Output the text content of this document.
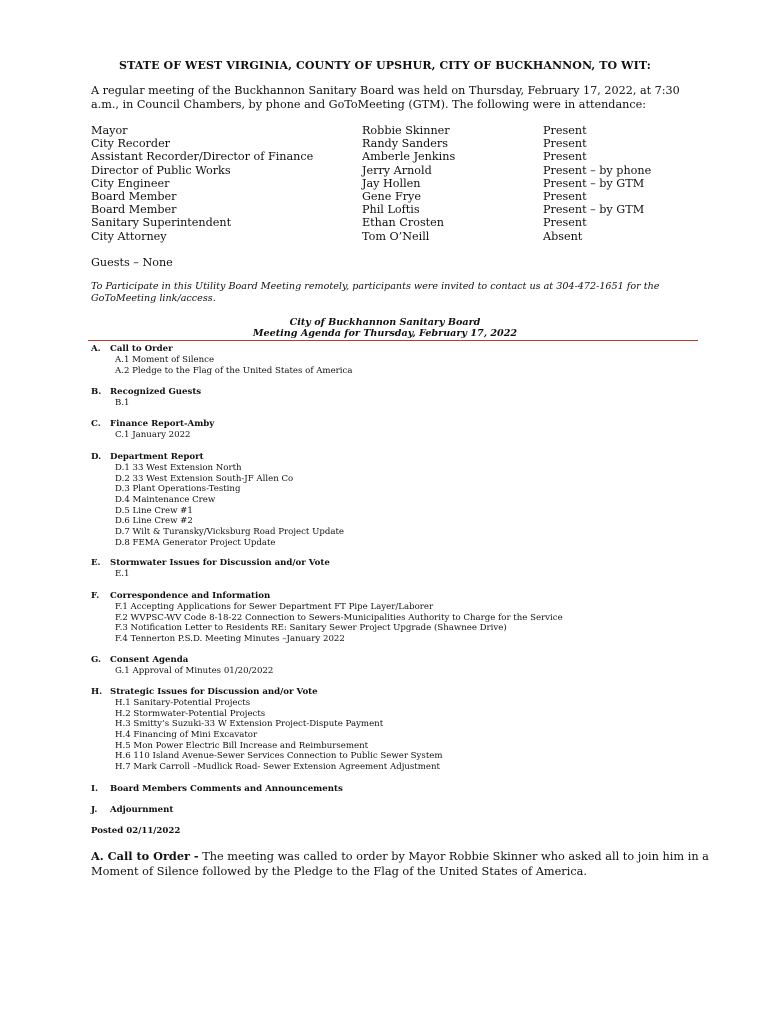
STATE OF WEST VIRGINIA, COUNTY OF UPSHUR, CITY OF BUCKHANNON, TO WIT:
A regular meeting of the Buckhannon Sanitary Board was held on Thursday, February 17, 2022, at 7:30 a.m., in Council Chambers, by phone and GoToMeeting (GTM). The following were in attendance:
Mayor	Robbie Skinner	Present
City Recorder	Randy Sanders	Present
Assistant Recorder/Director of Finance	Amberle Jenkins	Present
Director of Public Works	Jerry Arnold	Present – by phone
City Engineer	Jay Hollen	Present – by GTM
Board Member	Gene Frye	Present
Board Member	Phil Loftis	Present – by GTM
Sanitary Superintendent	Ethan Crosten	Present
City Attorney	Tom O’Neill	Absent
Guests – None
To Participate in this Utility Board Meeting remotely, participants were invited to contact us at 304-472-1651 for the GoToMeeting link/access.
City of Buckhannon Sanitary Board
Meeting Agenda for Thursday, February 17, 2022
A. Call to Order
A.1 Moment of Silence
A.2 Pledge to the Flag of the United States of America
B. Recognized Guests
B.1
C. Finance Report-Amby
C.1 January 2022
D. Department Report
D.1 33 West Extension North
D.2 33 West Extension South-JF Allen Co
D.3 Plant Operations-Testing
D.4 Maintenance Crew
D.5 Line Crew #1
D.6 Line Crew #2
D.7 Wilt & Turansky/Vicksburg Road Project Update
D.8 FEMA Generator Project Update
E. Stormwater Issues for Discussion and/or Vote
E.1
F. Correspondence and Information
F.1 Accepting Applications for Sewer Department FT Pipe Layer/Laborer
F.2 WVPSC-WV Code 8-18-22 Connection to Sewers-Municipalities Authority to Charge for the Service
F.3 Notification Letter to Residents RE: Sanitary Sewer Project Upgrade (Shawnee Drive)
F.4 Tennerton P.S.D. Meeting Minutes –January 2022
G. Consent Agenda
G.1 Approval of Minutes 01/20/2022
H. Strategic Issues for Discussion and/or Vote
H.1 Sanitary-Potential Projects
H.2 Stormwater-Potential Projects
H.3 Smitty’s Suzuki-33 W Extension Project-Dispute Payment
H.4 Financing of Mini Excavator
H.5 Mon Power Electric Bill Increase and Reimbursement
H.6 110 Island Avenue-Sewer Services Connection to Public Sewer System
H.7 Mark Carroll –Mudlick Road- Sewer Extension Agreement Adjustment
I. Board Members Comments and Announcements
J. Adjournment
Posted 02/11/2022
A. Call to Order - The meeting was called to order by Mayor Robbie Skinner who asked all to join him in a Moment of Silence followed by the Pledge to the Flag of the United States of America.
